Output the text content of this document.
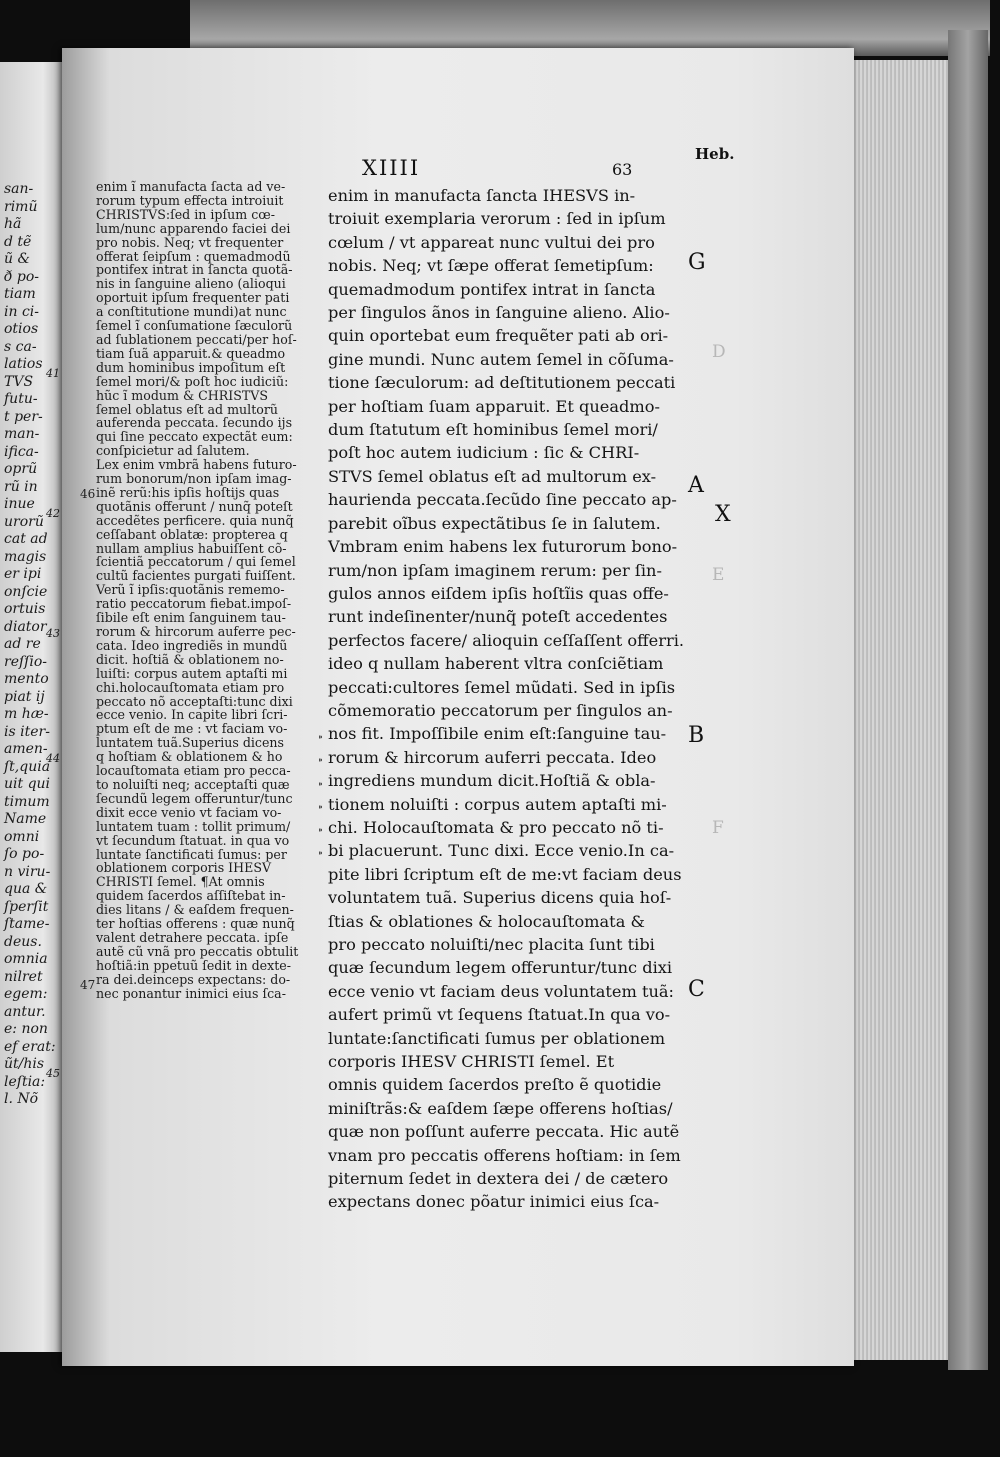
san-
rimũ
hã
d tẽ
ũ &
ð po-
tiam
in ci-
otios
s ca-
latios
TVS
futu-
t per-
man-
ifica-
oprũ
rũ in
inue
urorũ
cat ad
magis
er ipi
onſcie
ortuis
diator
ad re
reſſio-
mento
piat ij
m hæ-
is iter-
amen-
ſt,quia
uit qui
timum
Name
omni
ſo po-
n viru-
qua &
ſperſit
ſtame-
deus.
omnia
nilret
egem:
antur.
e: non
ef erat:
ũt/his
leſtia:
l. Nõ
41
42
43
44
45
XIIII	63
Heb.
enim ĩ manufacta ſacta ad ve-
rorum typum effecta introiuit
CHRISTVS:ſed in ipſum cœ-
lum/nunc apparendo faciei dei
pro nobis. Neq; vt frequenter
offerat ſeipſum : quemadmodũ
pontifex intrat in ſancta quotã-
nis in ſanguine alieno (alioqui
oportuit ipſum frequenter pati
a conſtitutione mundi)at nunc
ſemel ĩ conſumatione ſæculorũ
ad ſublationem peccati/per hoſ-
tiam ſuã apparuit.& queadmo
dum hominibus impoſitum eſt
ſemel mori/& poſt hoc iudiciũ:
hũc ĩ modum & CHRISTVS
ſemel oblatus eſt ad multorũ
auferenda peccata. ſecundo ijs
qui ſine peccato expectãt eum:
conſpicietur ad ſalutem.
Lex enim vmbrã habens futuro-
rum bonorum/non ipſam imag-
inẽ rerũ:his ipſis hoſtijs quas
quotãnis offerunt / nunq̃ poteſt
accedẽtes perficere. quia nunq̃
ceſſabant oblatæ: propterea q
nullam amplius habuiſſent cõ-
ſcientiã peccatorum / qui ſemel
cultũ facientes purgati fuiſſent.
Verũ ĩ ipſis:quotãnis rememo-
ratio peccatorum fiebat.impoſ-
ſibile eſt enim ſanguinem tau-
rorum & hircorum auferre pec-
cata. Ideo ingrediẽs in mundũ
dicit. hoſtiã & oblationem no-
luiſti: corpus autem aptaſti mi
chi.holocauſtomata etiam pro
peccato nõ acceptaſti:tunc dixi
ecce venio. In capite libri ſcri-
ptum eſt de me : vt faciam vo-
luntatem tuã.Superius dicens
q hoſtiam & oblationem & ho
locauſtomata etiam pro pecca-
to noluiſti neq; acceptaſti quæ
ſecundũ legem offeruntur/tunc
dixit ecce venio vt faciam vo-
luntatem tuam : tollit primum/
vt ſecundum ſtatuat. in qua vo
luntate ſanctificati ſumus: per
oblationem corporis IHESV
CHRISTI ſemel. ¶At omnis
quidem ſacerdos aſſiſtebat in-
dies litans / & eaſdem frequen-
ter hoſtias offerens : quæ nunq̃
valent detrahere peccata. ipſe
autẽ cũ vnã pro peccatis obtulit
hoſtiã:in ppetuũ ſedit in dexte-
ra dei.deinceps expectans: do-
nec ponantur inimici eius ſca-
enim in manufacta ſancta IHESVS in-
troiuit exemplaria verorum : ſed in ipſum
cœlum / vt appareat nunc vultui dei pro
nobis. Neq; vt ſæpe offerat ſemetipſum:
quemadmodum pontifex intrat in ſancta
per ſingulos ãnos in ſanguine alieno. Alio-
quin oportebat eum frequẽter pati ab ori-
gine mundi. Nunc autem ſemel in cõſuma-
tione ſæculorum: ad deſtitutionem peccati
per hoſtiam ſuam apparuit. Et queadmo-
dum ſtatutum eſt hominibus ſemel mori/
poſt hoc autem iudicium : ſic & CHRI-
STVS ſemel oblatus eſt ad multorum ex-
haurienda peccata.ſecũdo ſine peccato ap-
parebit oĩbus expectãtibus ſe in ſalutem.
Vmbram enim habens lex futurorum bono-
rum/non ipſam imaginem rerum: per ſin-
gulos annos eiſdem ipſis hoſtĩis quas offe-
runt indeſinenter/nunq̃ poteſt accedentes
perfectos facere/ alioquin ceſſaſſent offerri.
ideo q nullam haberent vltra conſciẽtiam
peccati:cultores ſemel mũdati. Sed in ipſis
cõmemoratio peccatorum per ſingulos an-
nos fit. Impoſſibile enim eſt:ſanguine tau-
rorum & hircorum auferri peccata. Ideo
ingrediens mundum dicit.Hoſtiã & obla-
tionem noluiſti : corpus autem aptaſti mi-
chi. Holocauſtomata & pro peccato nõ ti-
bi placuerunt. Tunc dixi. Ecce venio.In ca-
pite libri ſcriptum eſt de me:vt faciam deus
voluntatem tuã. Superius dicens quia hoſ-
ſtias & oblationes & holocauſtomata &
pro peccato noluiſti/nec placita ſunt tibi
quæ ſecundum legem offeruntur/tunc dixi
ecce venio vt faciam deus voluntatem tuã:
aufert primũ vt ſequens ſtatuat.In qua vo-
luntate:ſanctificati ſumus per oblationem
corporis IHESV CHRISTI ſemel. Et
omnis quidem ſacerdos preſto ẽ quotidie
miniſtrãs:& eaſdem ſæpe offerens hoſtias/
quæ non poſſunt auferre peccata. Hic autẽ
vnam pro peccatis offerens hoſtiam: in ſem
piternum ſedet in dextera dei / de cætero
expectans donec põatur inimici eius ſca-
46
47
G
A
X
B
C
D
E
F
⁍
⁍
⁍
⁍
⁍
⁍
